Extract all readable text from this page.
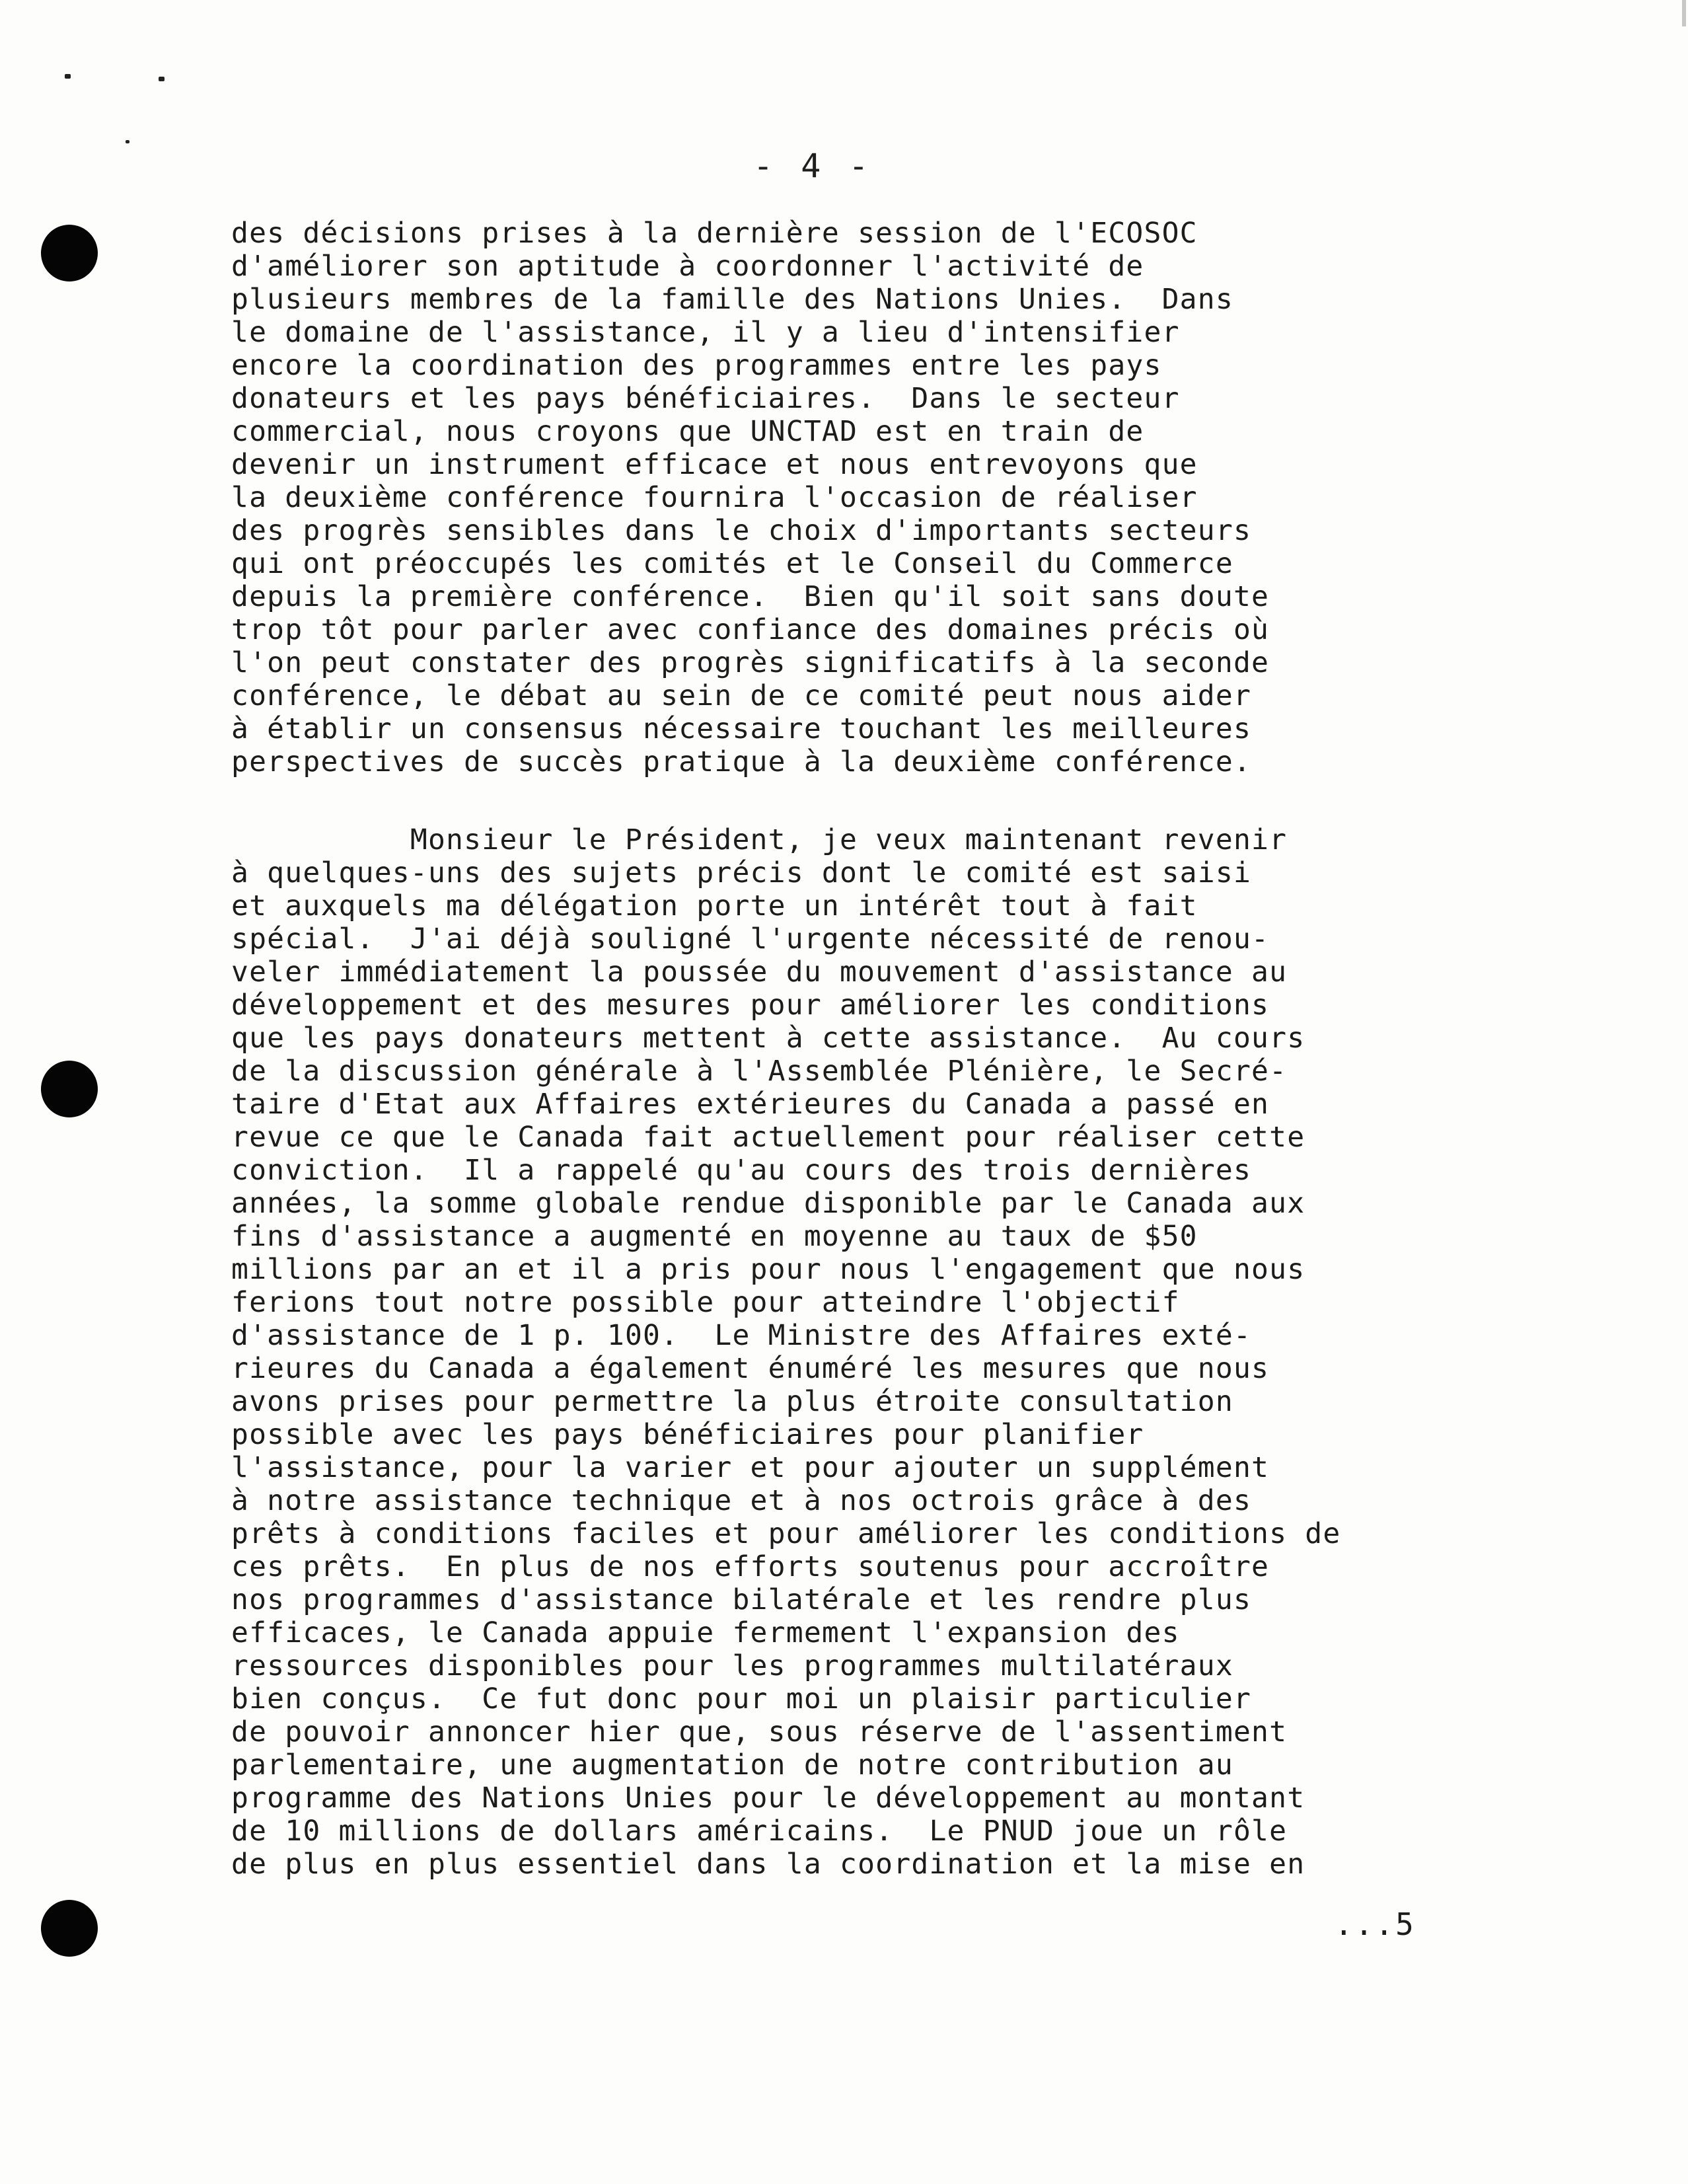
- 4 -
des décisions prises à la dernière session de l'ECOSOC
d'améliorer son aptitude à coordonner l'activité de
plusieurs membres de la famille des Nations Unies.  Dans
le domaine de l'assistance, il y a lieu d'intensifier
encore la coordination des programmes entre les pays
donateurs et les pays bénéficiaires.  Dans le secteur
commercial, nous croyons que UNCTAD est en train de
devenir un instrument efficace et nous entrevoyons que
la deuxième conférence fournira l'occasion de réaliser
des progrès sensibles dans le choix d'importants secteurs
qui ont préoccupés les comités et le Conseil du Commerce
depuis la première conférence.  Bien qu'il soit sans doute
trop tôt pour parler avec confiance des domaines précis où
l'on peut constater des progrès significatifs à la seconde
conférence, le débat au sein de ce comité peut nous aider
à établir un consensus nécessaire touchant les meilleures
perspectives de succès pratique à la deuxième conférence.
Monsieur le Président, je veux maintenant revenir
à quelques-uns des sujets précis dont le comité est saisi
et auxquels ma délégation porte un intérêt tout à fait
spécial.  J'ai déjà souligné l'urgente nécessité de renou-
veler immédiatement la poussée du mouvement d'assistance au
développement et des mesures pour améliorer les conditions
que les pays donateurs mettent à cette assistance.  Au cours
de la discussion générale à l'Assemblée Plénière, le Secré-
taire d'Etat aux Affaires extérieures du Canada a passé en
revue ce que le Canada fait actuellement pour réaliser cette
conviction.  Il a rappelé qu'au cours des trois dernières
années, la somme globale rendue disponible par le Canada aux
fins d'assistance a augmenté en moyenne au taux de $50
millions par an et il a pris pour nous l'engagement que nous
ferions tout notre possible pour atteindre l'objectif
d'assistance de 1 p. 100.  Le Ministre des Affaires exté-
rieures du Canada a également énuméré les mesures que nous
avons prises pour permettre la plus étroite consultation
possible avec les pays bénéficiaires pour planifier
l'assistance, pour la varier et pour ajouter un supplément
à notre assistance technique et à nos octrois grâce à des
prêts à conditions faciles et pour améliorer les conditions de
ces prêts.  En plus de nos efforts soutenus pour accroître
nos programmes d'assistance bilatérale et les rendre plus
efficaces, le Canada appuie fermement l'expansion des
ressources disponibles pour les programmes multilatéraux
bien conçus.  Ce fut donc pour moi un plaisir particulier
de pouvoir annoncer hier que, sous réserve de l'assentiment
parlementaire, une augmentation de notre contribution au
programme des Nations Unies pour le développement au montant
de 10 millions de dollars américains.  Le PNUD joue un rôle
de plus en plus essentiel dans la coordination et la mise en
...5
